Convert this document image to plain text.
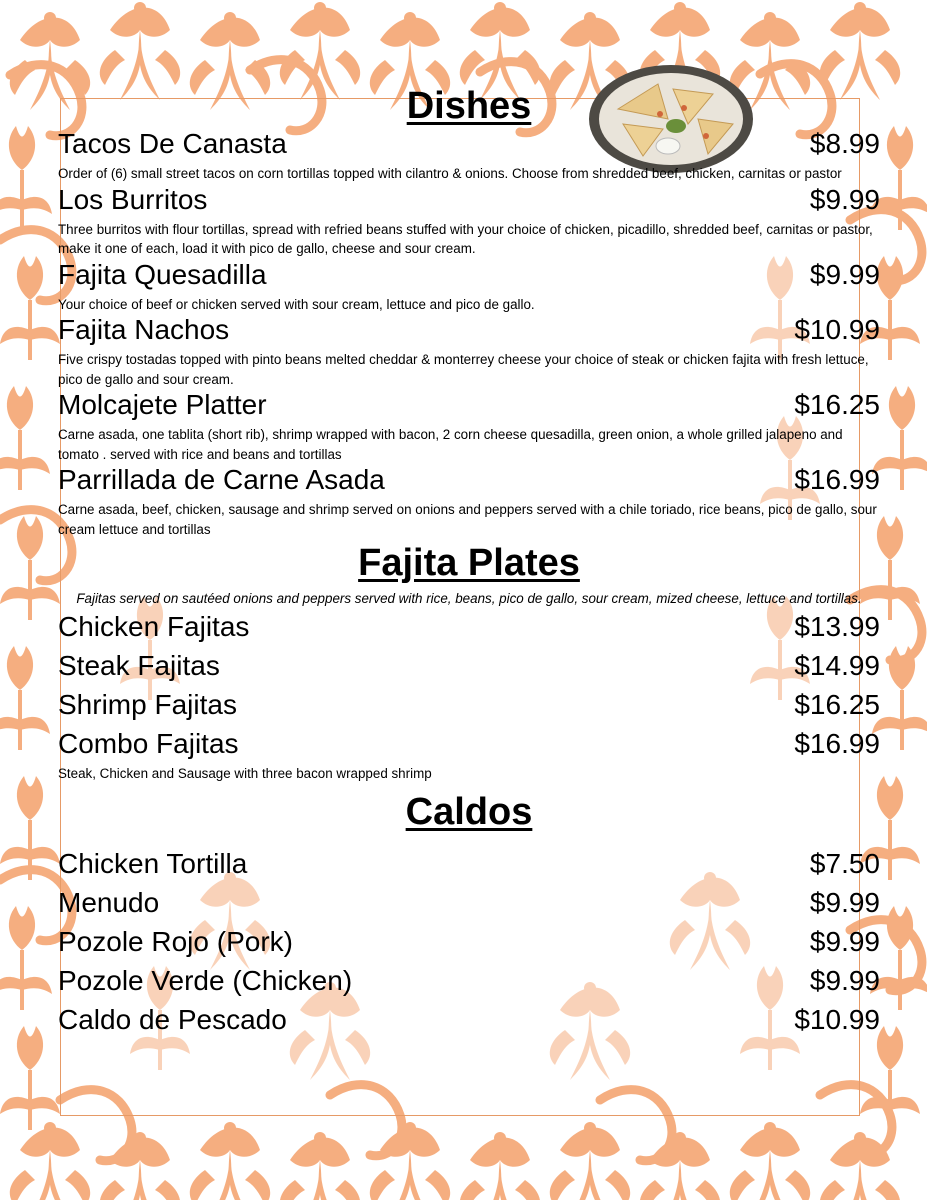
Dishes
Tacos De Canasta	$8.99
Order of (6) small street tacos on corn tortillas topped with cilantro & onions. Choose from shredded beef, chicken, carnitas or pastor
Los Burritos	$9.99
Three burritos with flour tortillas, spread with refried beans stuffed with your choice of chicken, picadillo, shredded beef, carnitas or pastor, make it one of each, load it with pico de gallo, cheese and sour cream.
Fajita Quesadilla	$9.99
Your choice of beef or chicken served with sour cream, lettuce and pico de gallo.
Fajita Nachos	$10.99
Five crispy tostadas topped with pinto beans melted cheddar & monterrey cheese your choice of steak or chicken fajita with fresh lettuce, pico de gallo and sour cream.
Molcajete Platter	$16.25
Carne asada, one tablita (short rib), shrimp wrapped with bacon, 2 corn cheese quesadilla, green onion, a whole grilled jalapeno and tomato . served with rice and beans and tortillas
Parrillada de Carne Asada	$16.99
Carne asada, beef, chicken, sausage and shrimp served on onions and peppers served with a chile toriado, rice beans, pico de gallo, sour cream lettuce and tortillas
Fajita Plates
Fajitas served on sautéed onions and peppers served with rice, beans, pico de gallo, sour cream, mized cheese, lettuce and tortillas.
Chicken Fajitas	$13.99
Steak Fajitas	$14.99
Shrimp Fajitas	$16.25
Combo Fajitas	$16.99
Steak, Chicken and Sausage with three bacon wrapped shrimp
Caldos
Chicken Tortilla	$7.50
Menudo	$9.99
Pozole Rojo (Pork)	$9.99
Pozole Verde (Chicken)	$9.99
Caldo de Pescado	$10.99
